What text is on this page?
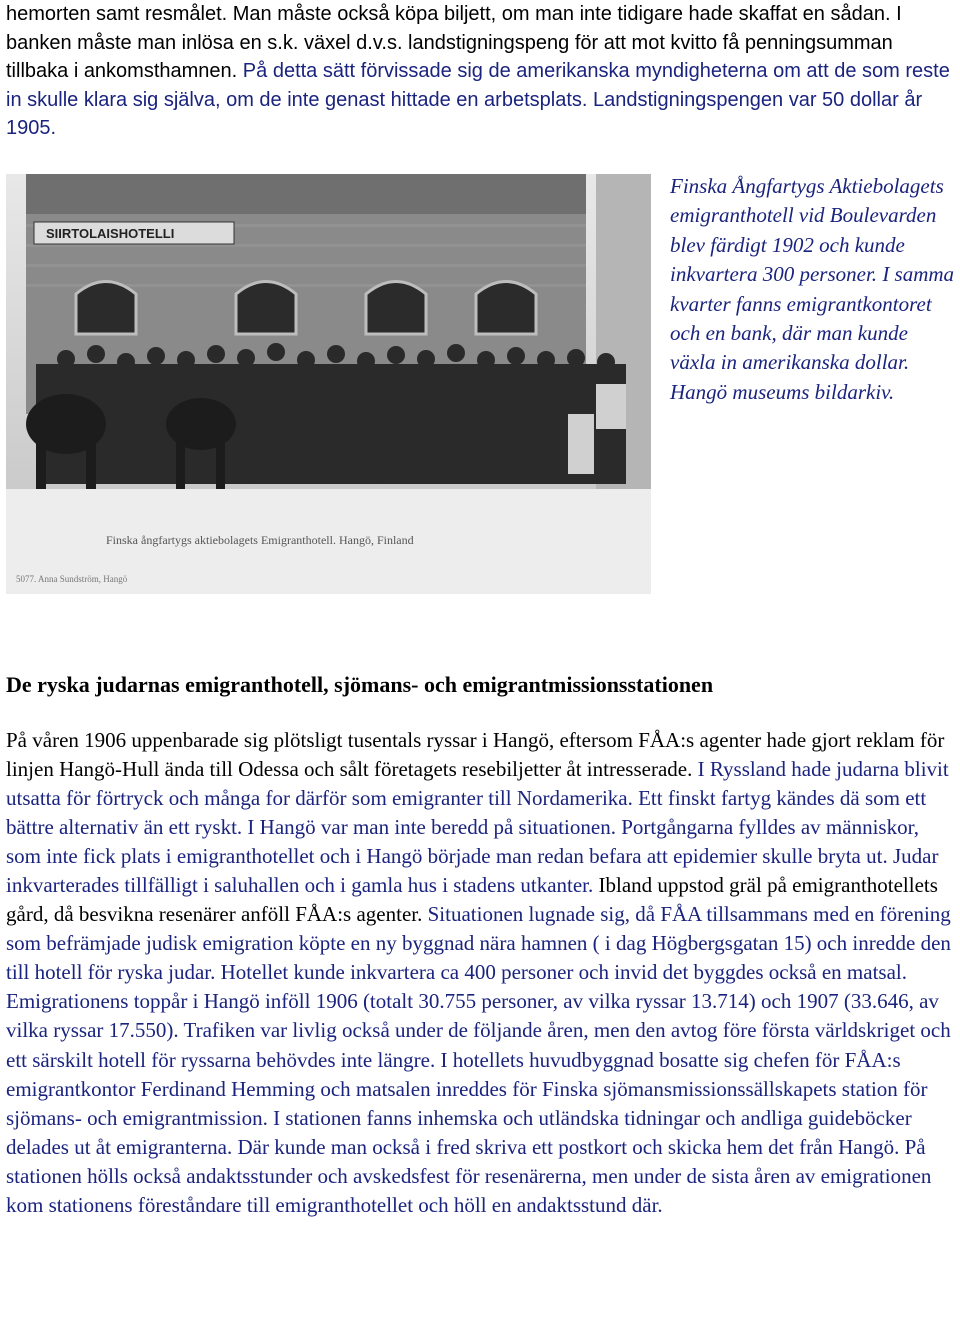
hemorten samt resmålet. Man måste också köpa biljett, om man inte tidigare hade skaffat en sådan. I banken måste man inlösa en s.k. växel d.v.s. landstigningspeng för att mot kvitto få penningsumman tillbaka i ankomsthamnen. På detta sätt förvissade sig de amerikanska myndigheterna om att de som reste in skulle klara sig själva, om de inte genast hittade en arbetsplats. Landstigningspengen var 50 dollar år 1905.
SIIRTOLAISHOTELLI
Finska ångfartygs aktiebolagets Emigranthotell. Hangö, Finland
5077. Anna Sundström, Hangö
Finska Ångfartygs Aktiebolagets emigranthotell vid Boulevarden blev färdigt 1902 och kunde inkvartera 300 personer. I samma kvarter fanns emigrantkontoret och en bank, där man kunde växla in amerikanska dollar. Hangö museums bildarkiv.
De ryska judarnas emigranthotell, sjömans- och emigrantmissionsstationen
På våren 1906 uppenbarade sig plötsligt tusentals ryssar i Hangö, eftersom FÅA:s agenter hade gjort reklam för linjen Hangö-Hull ända till Odessa och sålt företagets resebiljetter åt intresserade. I Ryssland hade judarna blivit utsatta för förtryck och många for därför som emigranter till Nordamerika. Ett finskt fartyg kändes dä som ett bättre alternativ än ett ryskt. I Hangö var man inte beredd på situationen. Portgångarna fylldes av människor, som inte fick plats i emigranthotellet och i Hangö började man redan befara att epidemier skulle bryta ut. Judar inkvarterades tillfälligt i saluhallen och i gamla hus i stadens utkanter. Ibland uppstod gräl på emigranthotellets gård, då besvikna resenärer anföll FÅA:s agenter. Situationen lugnade sig, då FÅA tillsammans med en förening som befrämjade judisk emigration köpte en ny byggnad nära hamnen ( i dag Högbergsgatan 15) och inredde den till hotell för ryska judar. Hotellet kunde inkvartera ca 400 personer och invid det byggdes också en matsal. Emigrationens toppår i Hangö inföll 1906 (totalt 30.755 personer, av vilka ryssar 13.714) och 1907 (33.646, av vilka ryssar 17.550). Trafiken var livlig också under de följande åren, men den avtog före första världskriget och ett särskilt hotell för ryssarna behövdes inte längre. I hotellets huvudbyggnad bosatte sig chefen för FÅA:s emigrantkontor Ferdinand Hemming och matsalen inreddes för Finska sjömansmissionssällskapets station för sjömans- och emigrantmission. I stationen fanns inhemska och utländska tidningar och andliga guideböcker delades ut åt emigranterna. Där kunde man också i fred skriva ett postkort och skicka hem det från Hangö. På stationen hölls också andaktsstunder och avskedsfest för resenärerna, men under de sista åren av emigrationen kom stationens föreståndare till emigranthotellet och höll en andaktsstund där.
